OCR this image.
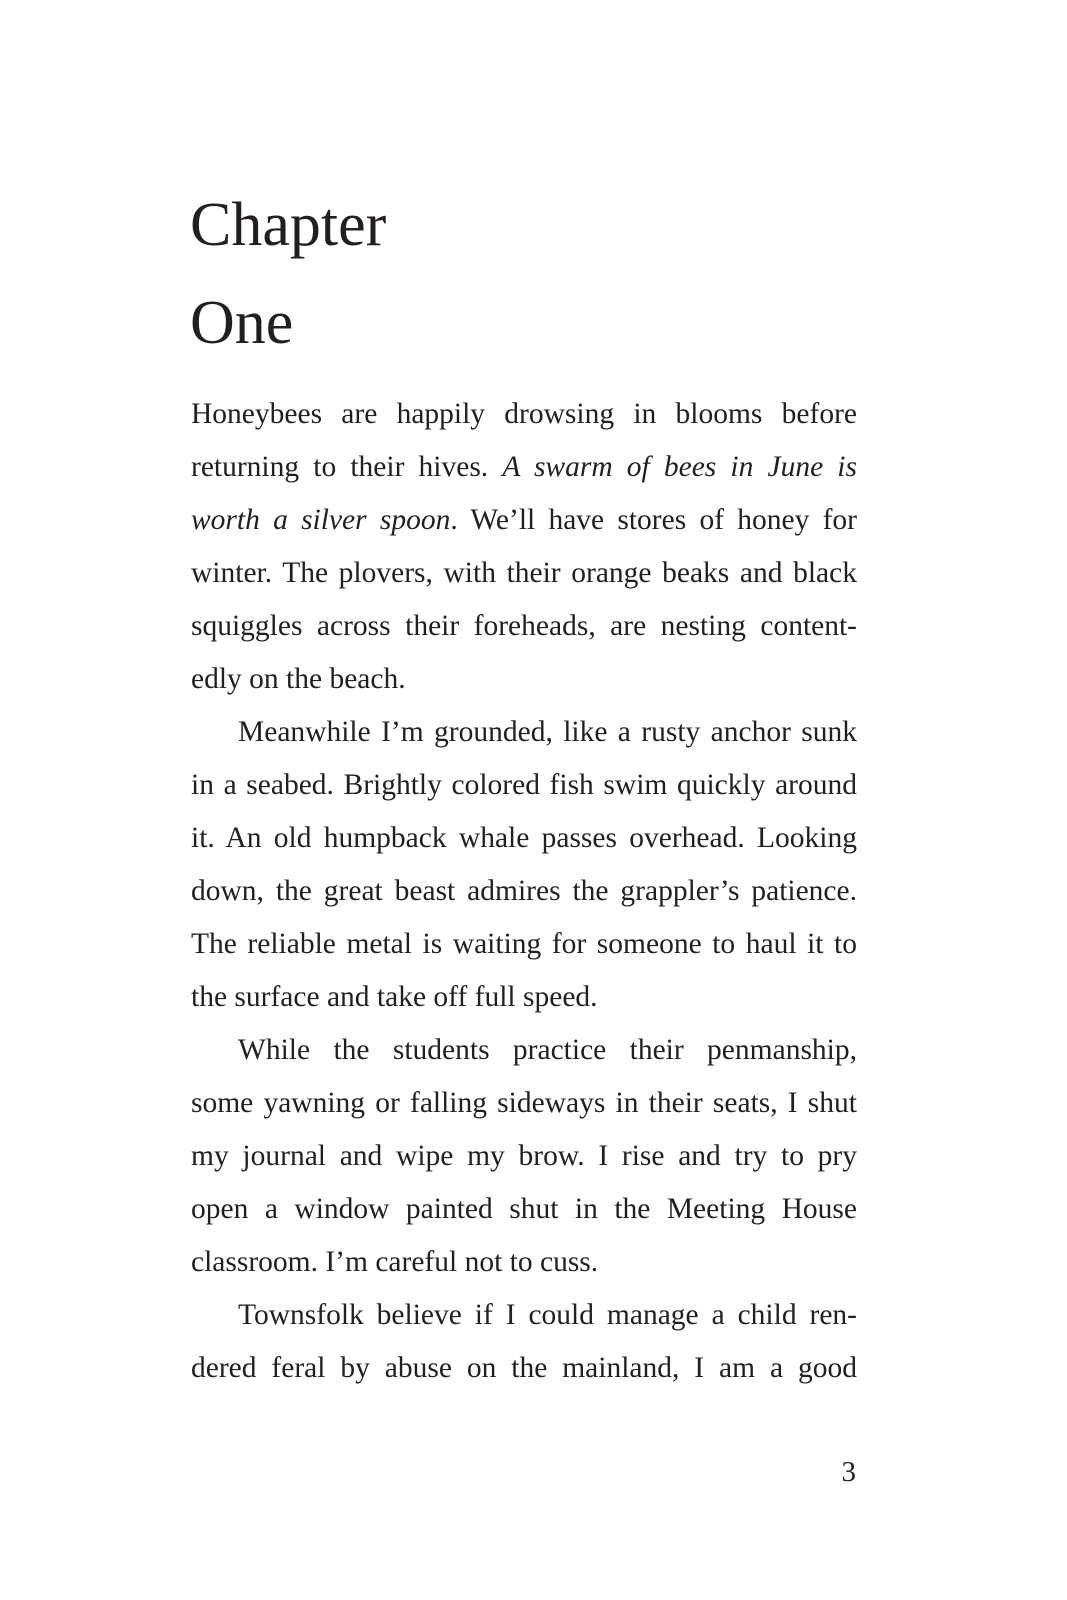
Chapter
One
Honeybees are happily drowsing in blooms before
returning to their hives. A swarm of bees in June is
worth a silver spoon. We’ll have stores of honey for
winter. The plovers, with their orange beaks and black
squiggles across their foreheads, are nesting content-
edly on the beach.
Meanwhile I’m grounded, like a rusty anchor sunk
in a seabed. Brightly colored fish swim quickly around
it. An old humpback whale passes overhead. Looking
down, the great beast admires the grappler’s patience.
The reliable metal is waiting for someone to haul it to
the surface and take off full speed.
While the students practice their penmanship,
some yawning or falling sideways in their seats, I shut
my journal and wipe my brow. I rise and try to pry
open a window painted shut in the Meeting House
classroom. I’m careful not to cuss.
Townsfolk believe if I could manage a child ren-
dered feral by abuse on the mainland, I am a good
3
